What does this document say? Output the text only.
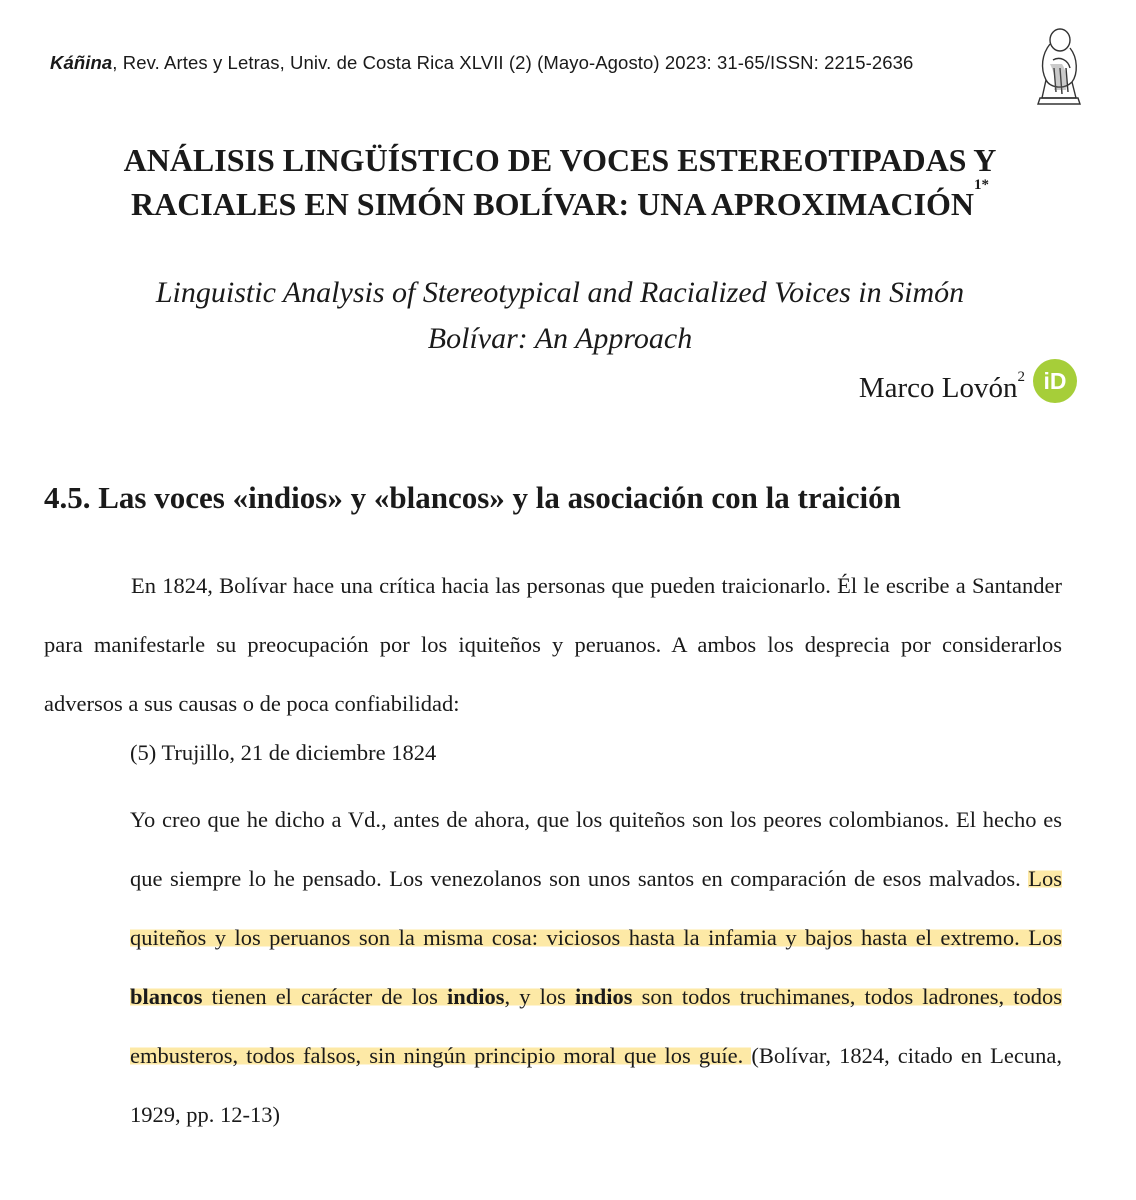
Káñina, Rev. Artes y Letras, Univ. de Costa Rica XLVII (2) (Mayo-Agosto) 2023: 31-65/ISSN: 2215-2636
ANÁLISIS LINGÜÍSTICO DE VOCES ESTEREOTIPADAS Y
RACIALES EN SIMÓN BOLÍVAR: UNA $APROXIMACIÓN^{1*}$
Linguistic Analysis of Stereotypical and Racialized Voices in Simón
Bolívar: An Approach
Marco Lovón$^2$ iD
4.5. Las voces «indios» y «blancos» y la asociación con la traición

En 1824, Bolívar hace una crítica hacia las personas que pueden traicionarlo. Él le escribe a Santander para manifestarle su preocupación por los iquiteños y peruanos. A ambos los desprecia por considerarlos adversos a sus causas o de poca confiabilidad:

(5) Trujillo, 21 de diciembre 1824

Yo creo que he dicho a Vd., antes de ahora, que los quiteños son los peores colombianos. El hecho es que siempre lo he pensado. Los venezolanos son unos santos en comparación de esos malvados. Los quiteños y los peruanos son la misma cosa: viciosos hasta la infamia y bajos hasta el extremo. Los blancos tienen el carácter de los indios, y los indios son todos truchimanes, todos ladrones, todos embusteros, todos falsos, sin ningún principio moral que los guíe. (Bolívar, 1824, citado en Lecuna, 1929, pp. 12-13)
